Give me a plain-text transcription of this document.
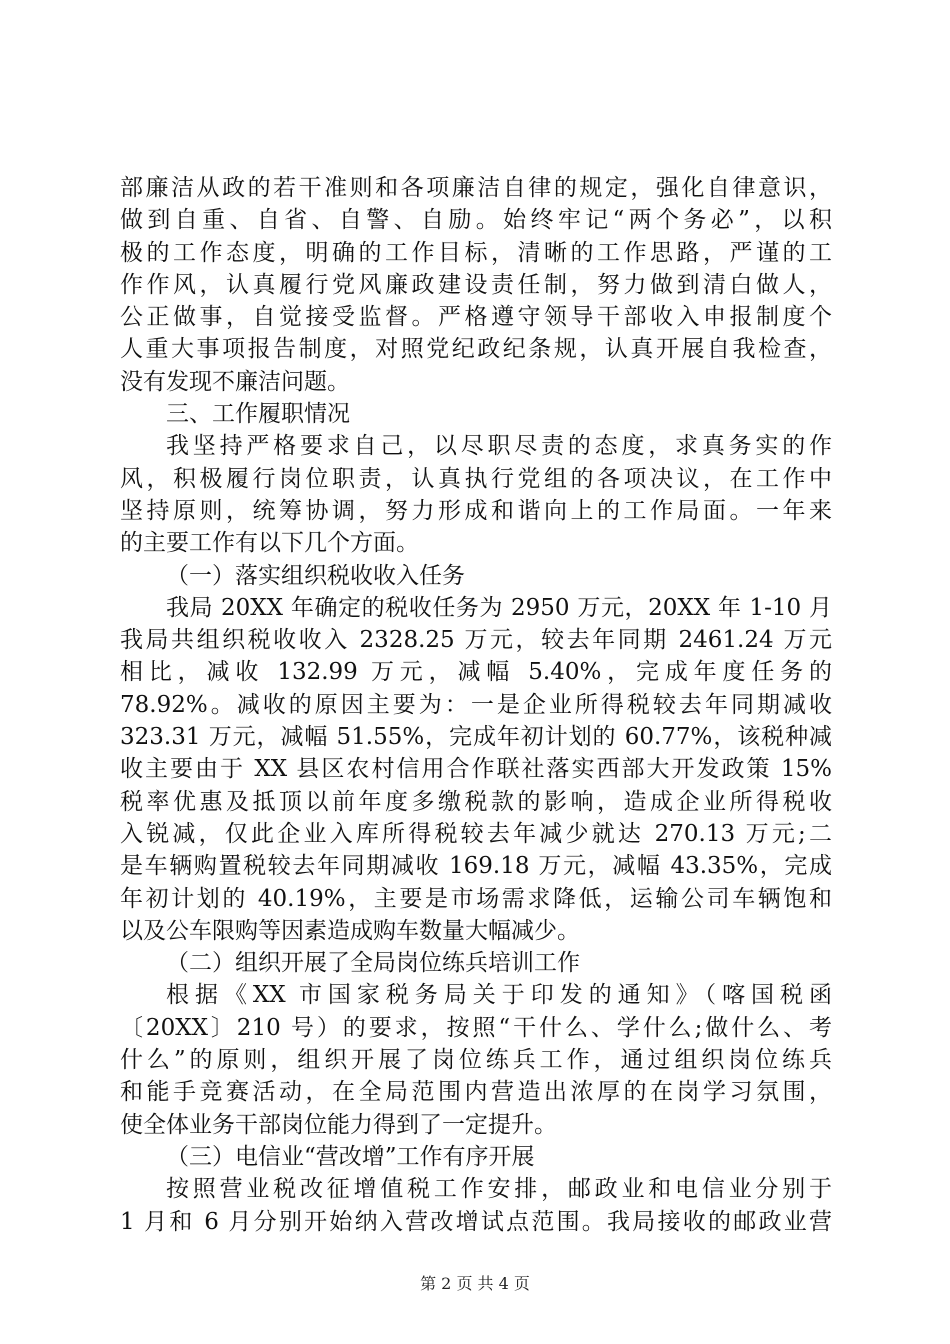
部廉洁从政的若干准则和各项廉洁自律的规定，强化自律意识，
做到自重、自省、自警、自励。始终牢记“两个务必”，以积
极的工作态度，明确的工作目标，清晰的工作思路，严谨的工
作作风，认真履行党风廉政建设责任制，努力做到清白做人，
公正做事，自觉接受监督。严格遵守领导干部收入申报制度个
人重大事项报告制度，对照党纪政纪条规，认真开展自我检查，
没有发现不廉洁问题。
三、工作履职情况
我坚持严格要求自己，以尽职尽责的态度，求真务实的作
风，积极履行岗位职责，认真执行党组的各项决议，在工作中
坚持原则，统筹协调，努力形成和谐向上的工作局面。一年来
的主要工作有以下几个方面。
（一）落实组织税收收入任务
我局 20XX 年确定的税收任务为 2950 万元，20XX 年 1-10 月
我局共组织税收收入 2328.25 万元，较去年同期 2461.24 万元
相比，减收 132.99 万元，减幅 5.40%，完成年度任务的
78.92%。减收的原因主要为：一是企业所得税较去年同期减收
323.31 万元，减幅 51.55%，完成年初计划的 60.77%，该税种减
收主要由于 XX 县区农村信用合作联社落实西部大开发政策 15%
税率优惠及抵顶以前年度多缴税款的影响，造成企业所得税收
入锐减，仅此企业入库所得税较去年减少就达 270.13 万元;二
是车辆购置税较去年同期减收 169.18 万元，减幅 43.35%，完成
年初计划的 40.19%，主要是市场需求降低，运输公司车辆饱和
以及公车限购等因素造成购车数量大幅减少。
（二）组织开展了全局岗位练兵培训工作
根据《XX 市国家税务局关于印发的通知》（喀国税函
〔20XX〕210 号）的要求，按照“干什么、学什么;做什么、考
什么”的原则，组织开展了岗位练兵工作，通过组织岗位练兵
和能手竞赛活动，在全局范围内营造出浓厚的在岗学习氛围，
使全体业务干部岗位能力得到了一定提升。
（三）电信业“营改增”工作有序开展
按照营业税改征增值税工作安排，邮政业和电信业分别于
1 月和 6 月分别开始纳入营改增试点范围。我局接收的邮政业营
第 2 页 共 4 页
